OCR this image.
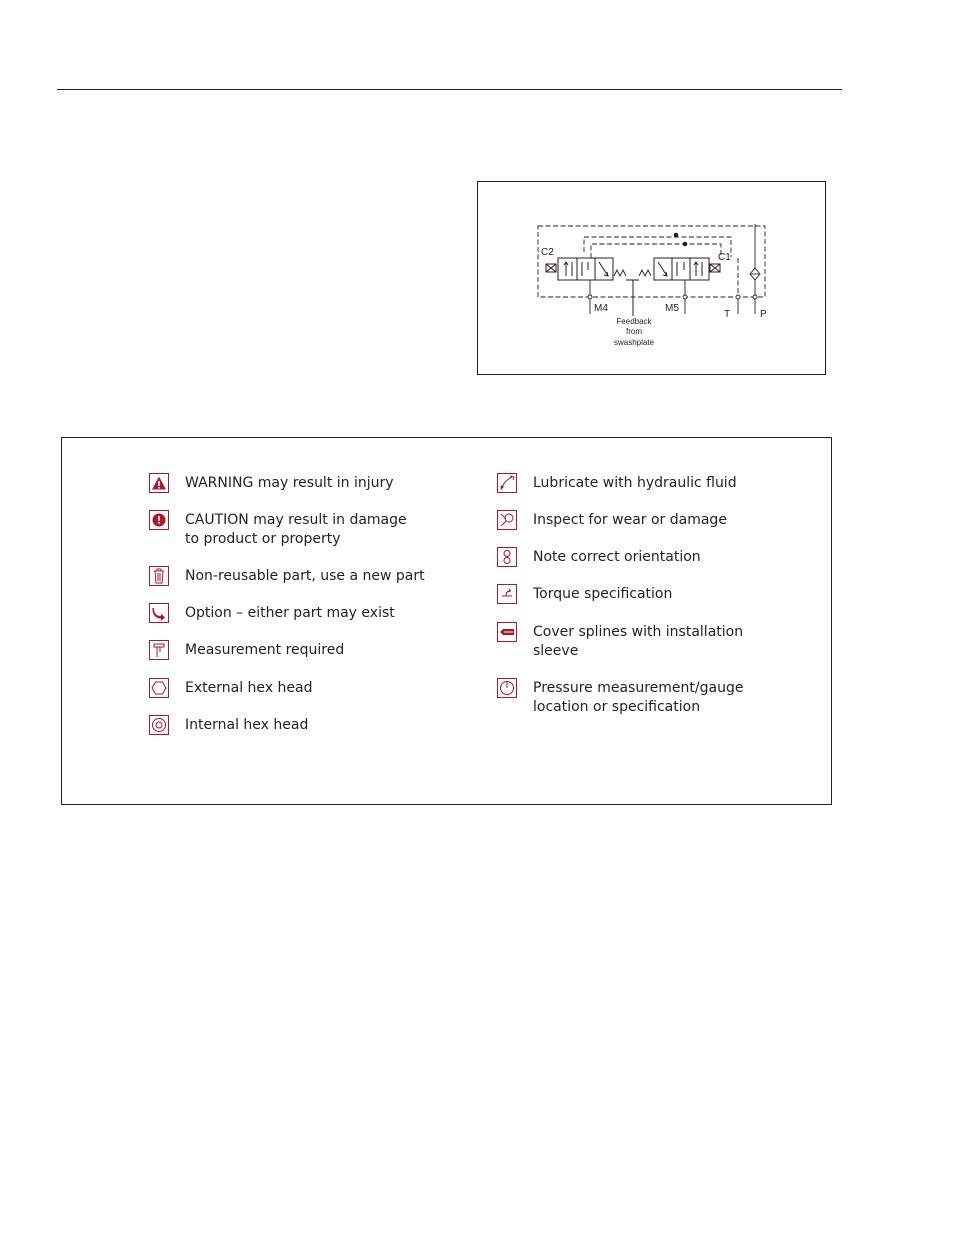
C2	C1
M4	M5
T	P
Feedback
from
swashplate
WARNING may result in injury
CAUTION may result in damage to product or property
Non-reusable part, use a new part
Option – either part may exist
Measurement required
External hex head
Internal hex head
Lubricate with hydraulic fluid
Inspect for wear or damage
Note correct orientation
Torque specification
Cover splines with installation sleeve
Pressure measurement/gauge location or specification
